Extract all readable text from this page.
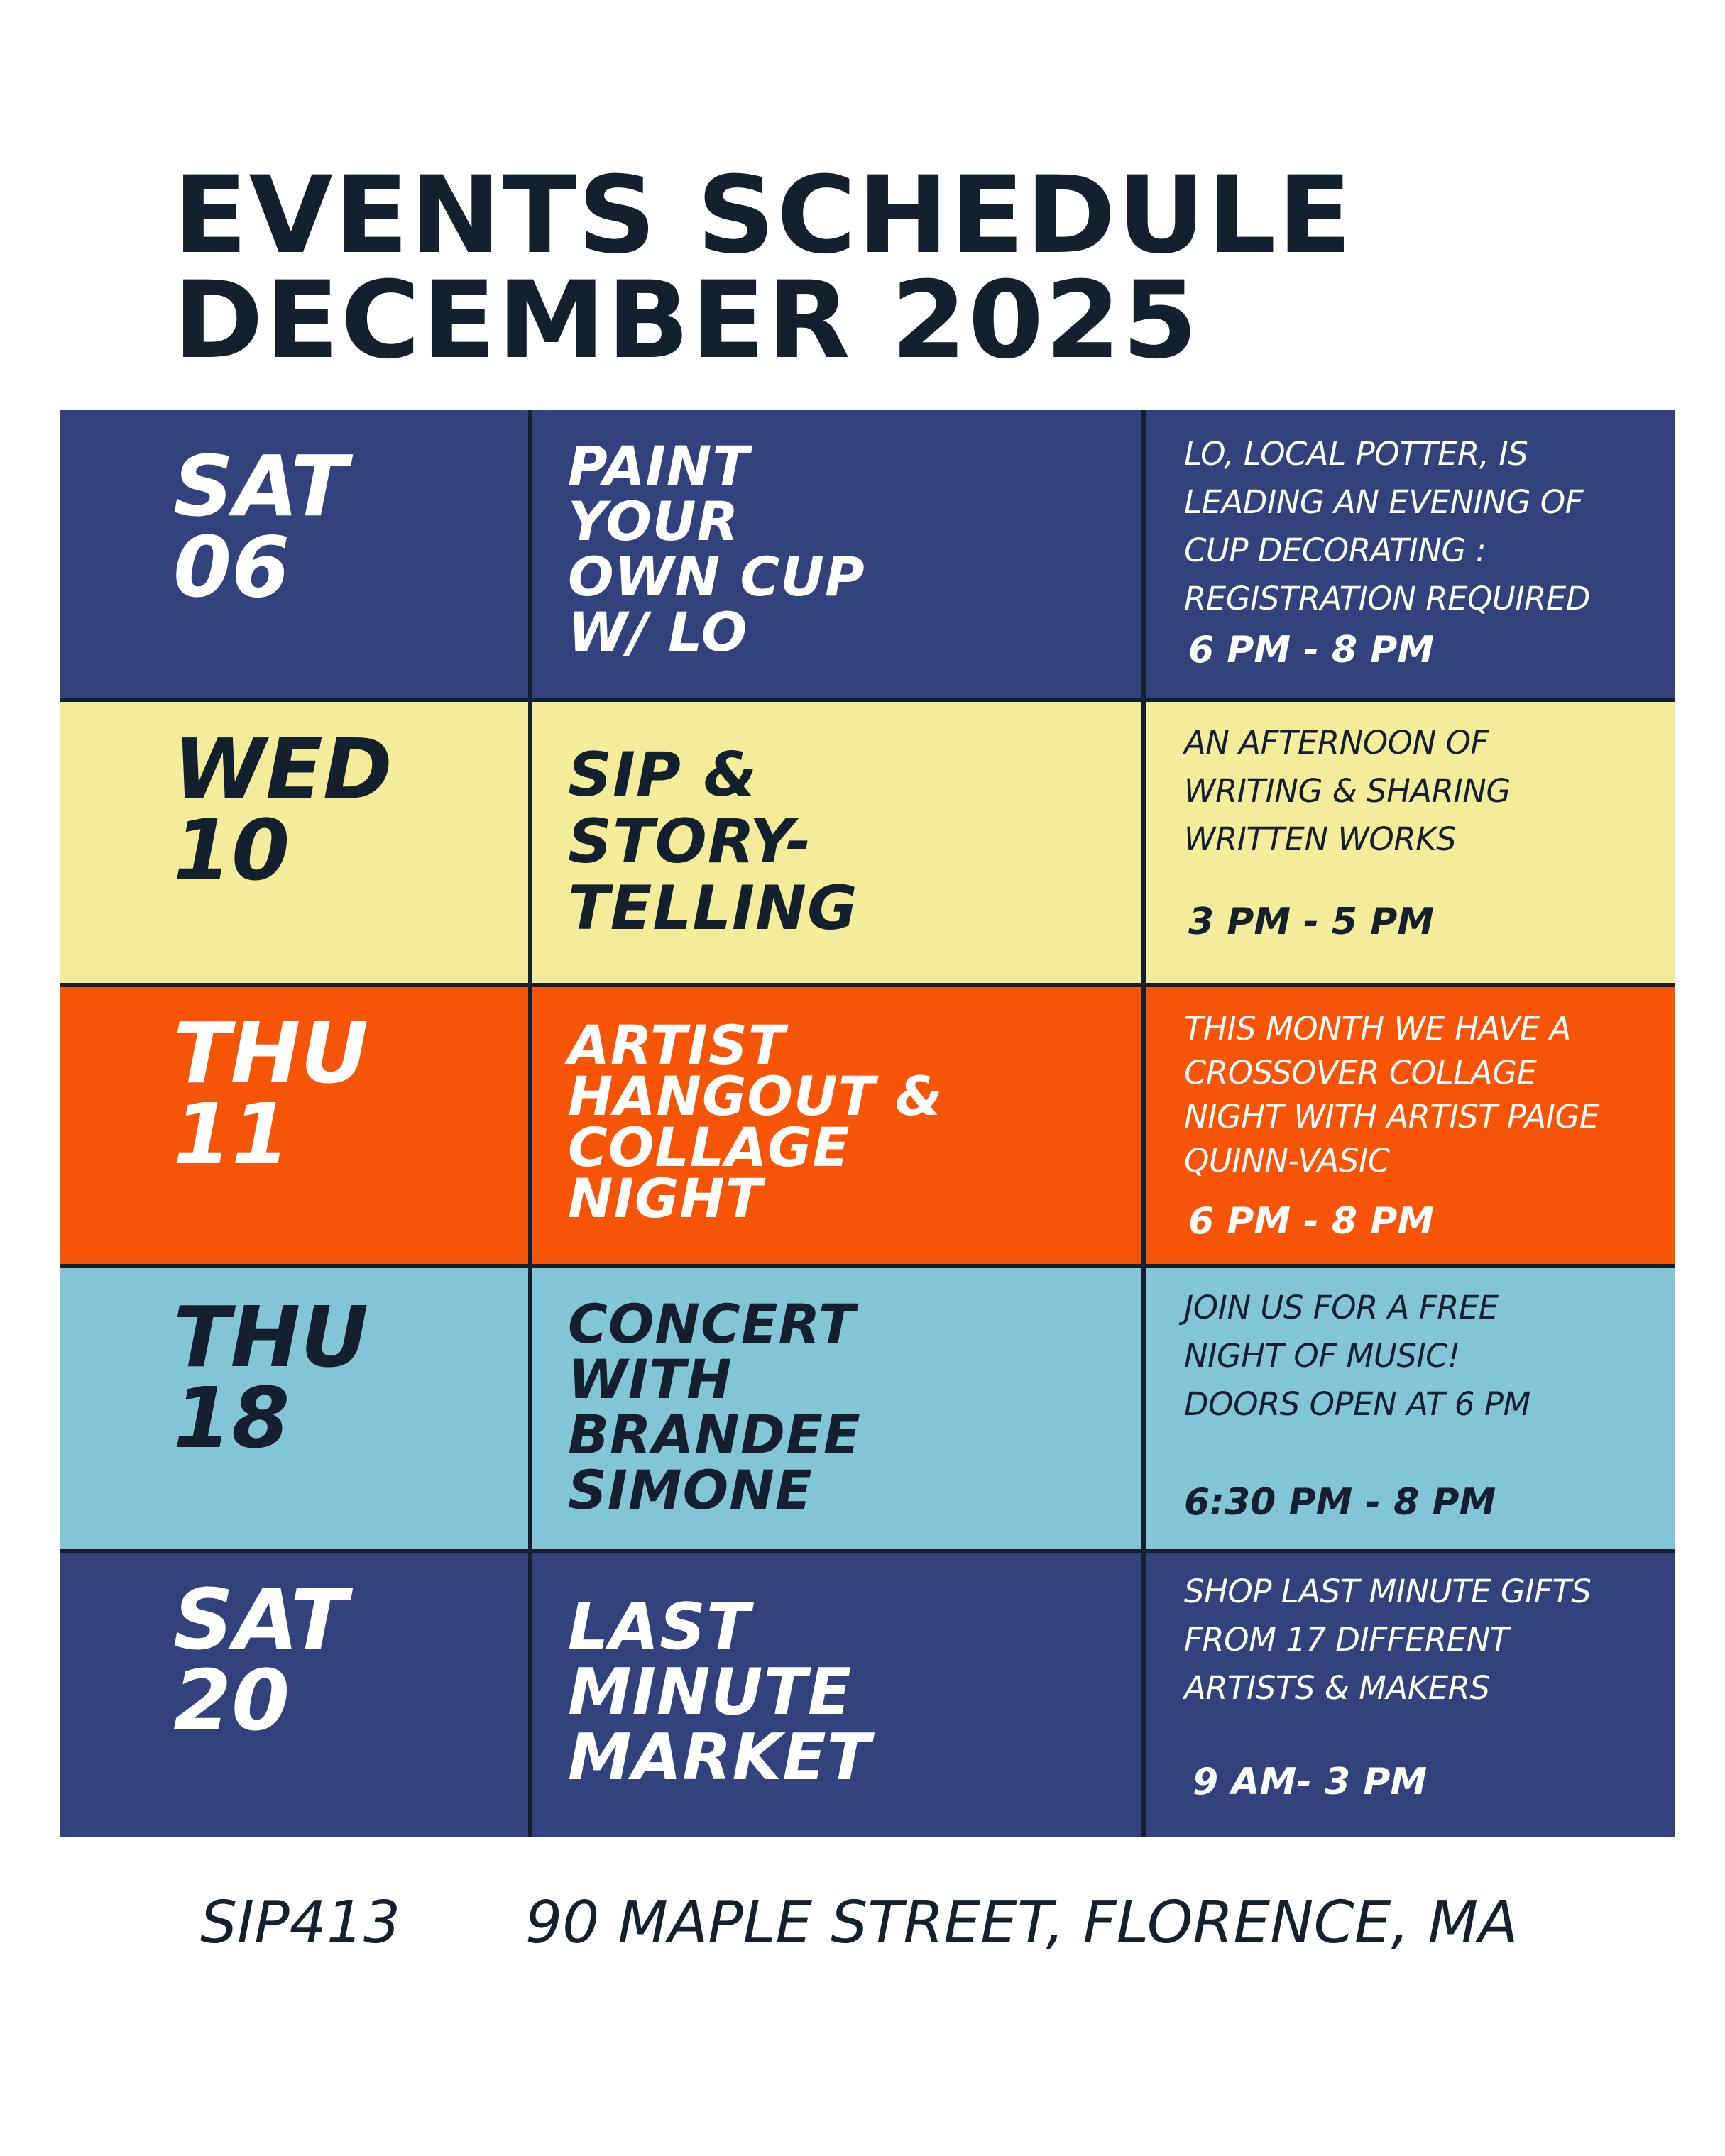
EVENTS SCHEDULE
DECEMBER 2025
SAT
06
PAINT
YOUR
OWN CUP
W/ LO
LO, LOCAL POTTER, IS
LEADING AN EVENING OF
CUP DECORATING :
REGISTRATION REQUIRED
6 PM - 8 PM
WED
10
SIP &
STORY-
TELLING
AN AFTERNOON OF
WRITING & SHARING
WRITTEN WORKS
3 PM - 5 PM
THU
11
ARTIST
HANGOUT &
COLLAGE
NIGHT
THIS MONTH WE HAVE A
CROSSOVER COLLAGE
NIGHT WITH ARTIST PAIGE
QUINN-VASIC
6 PM - 8 PM
THU
18
CONCERT
WITH
BRANDEE
SIMONE
JOIN US FOR A FREE
NIGHT OF MUSIC!
DOORS OPEN AT 6 PM
6:30 PM - 8 PM
SAT
20
LAST
MINUTE
MARKET
SHOP LAST MINUTE GIFTS
FROM 17 DIFFERENT
ARTISTS & MAKERS
9 AM- 3 PM
SIP413 90 MAPLE STREET, FLORENCE, MA
